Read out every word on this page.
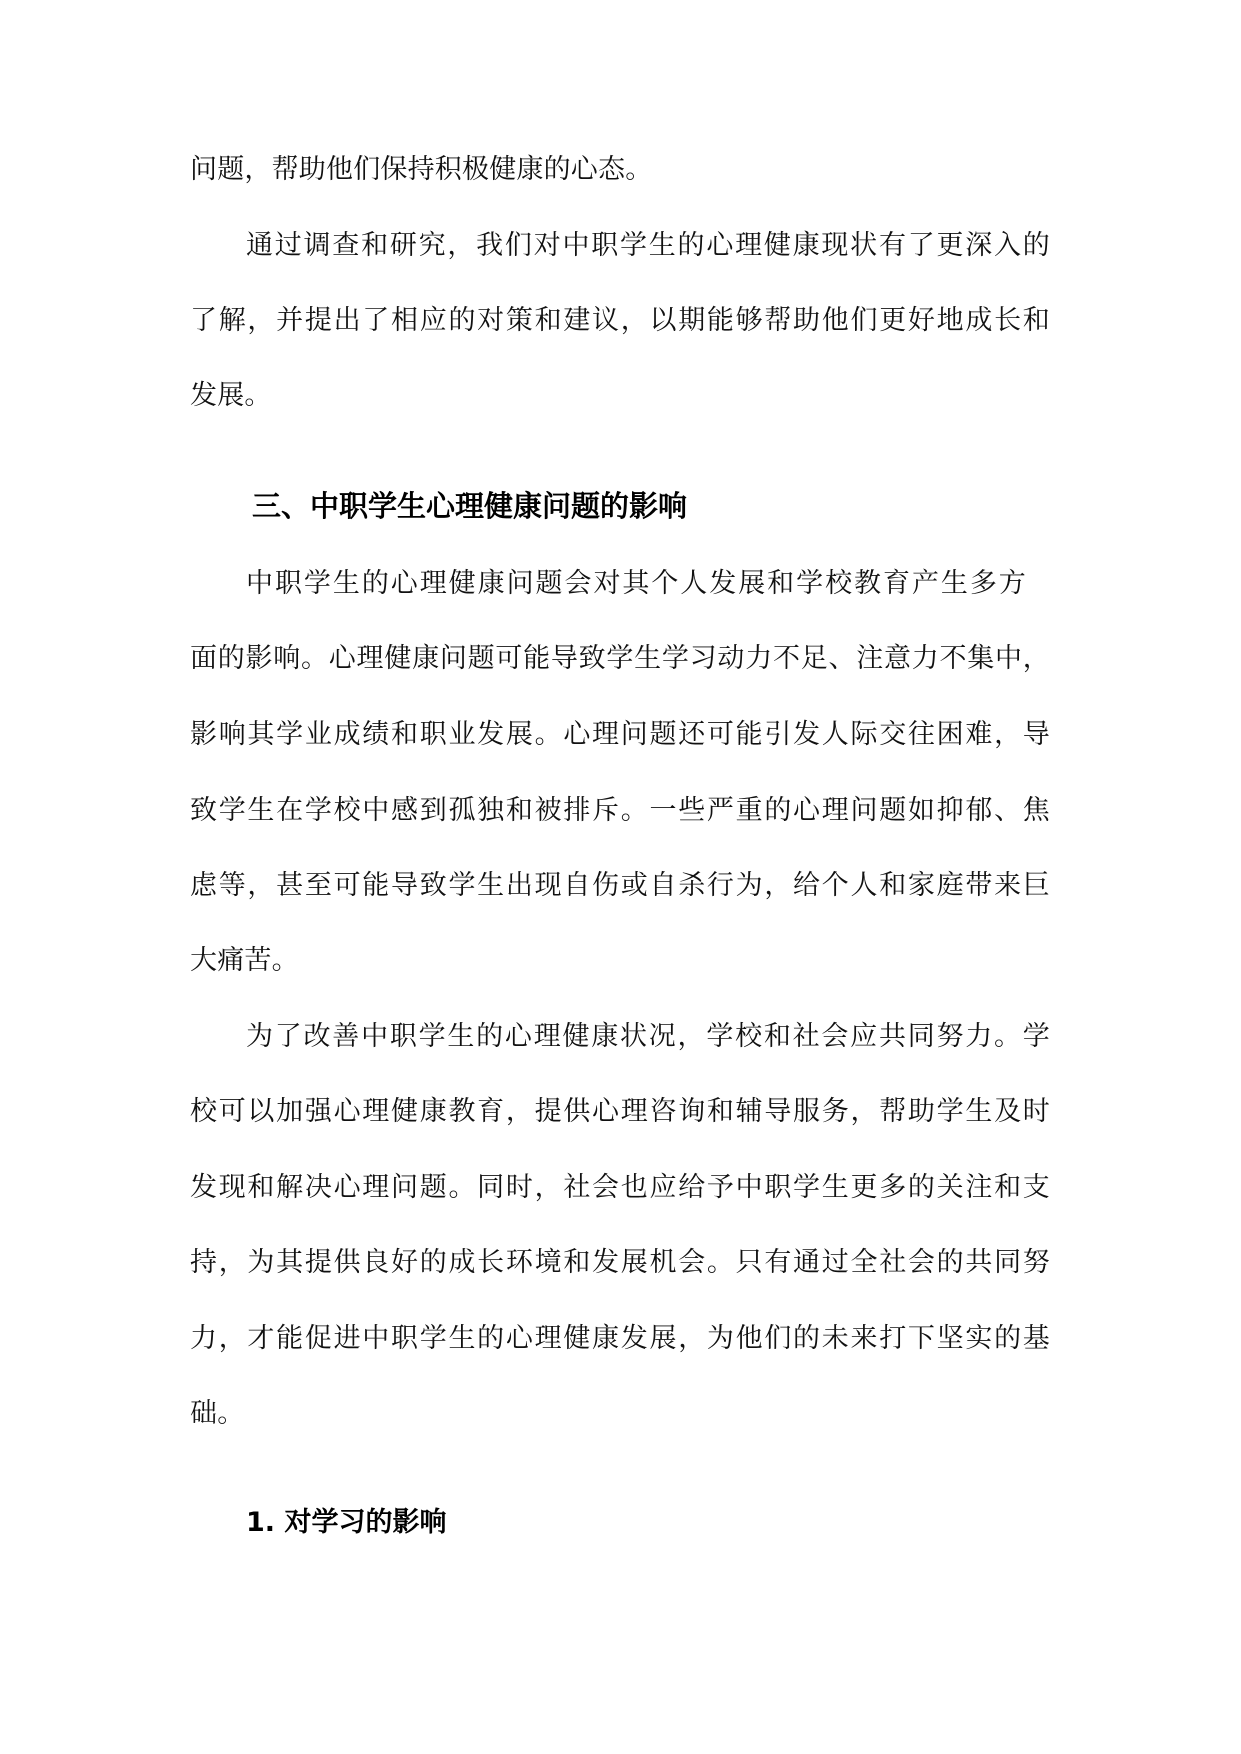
问题，帮助他们保持积极健康的心态。
通过调查和研究，我们对中职学生的心理健康现状有了更深入的
了解，并提出了相应的对策和建议，以期能够帮助他们更好地成长和
发展。
三、中职学生心理健康问题的影响
中职学生的心理健康问题会对其个人发展和学校教育产生多方
面的影响。心理健康问题可能导致学生学习动力不足、注意力不集中，
影响其学业成绩和职业发展。心理问题还可能引发人际交往困难，导
致学生在学校中感到孤独和被排斥。一些严重的心理问题如抑郁、焦
虑等，甚至可能导致学生出现自伤或自杀行为，给个人和家庭带来巨
大痛苦。
为了改善中职学生的心理健康状况，学校和社会应共同努力。学
校可以加强心理健康教育，提供心理咨询和辅导服务，帮助学生及时
发现和解决心理问题。同时，社会也应给予中职学生更多的关注和支
持，为其提供良好的成长环境和发展机会。只有通过全社会的共同努
力，才能促进中职学生的心理健康发展，为他们的未来打下坚实的基
础。
1. 对学习的影响
